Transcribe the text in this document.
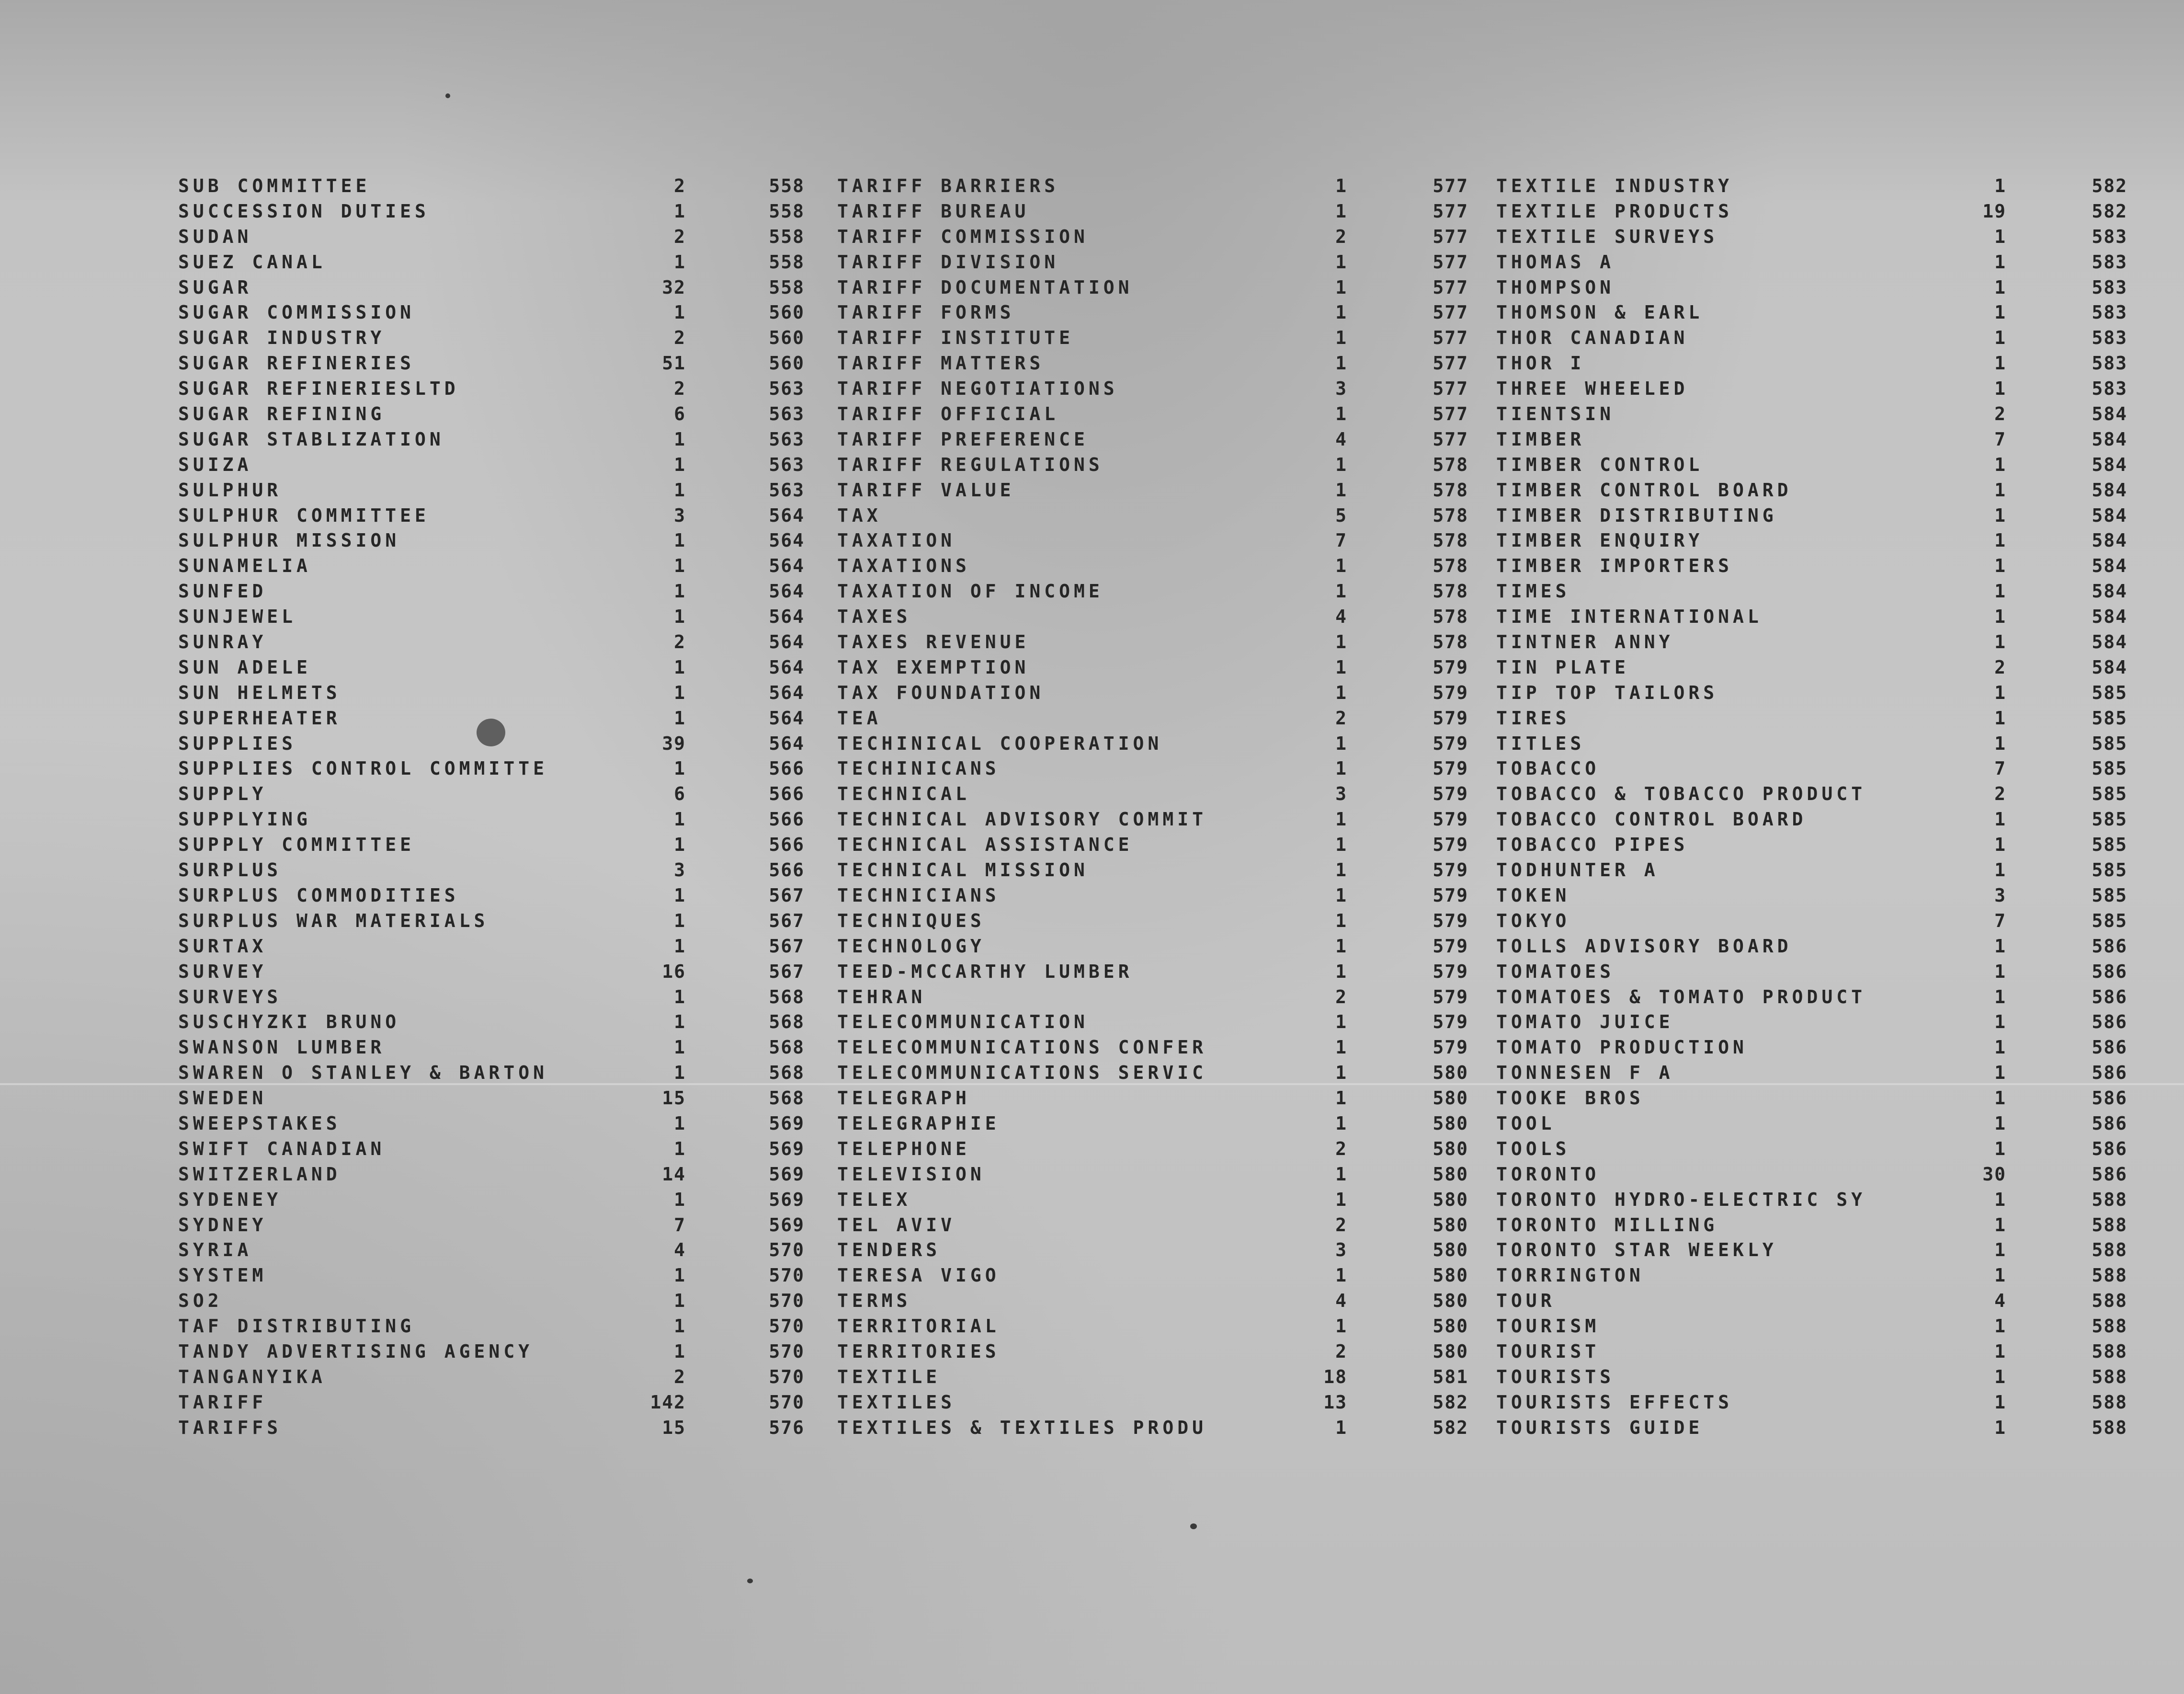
SUB COMMITTEE	2	558
SUCCESSION DUTIES	1	558
SUDAN	2	558
SUEZ CANAL	1	558
SUGAR	32	558
SUGAR COMMISSION	1	560
SUGAR INDUSTRY	2	560
SUGAR REFINERIES	51	560
SUGAR REFINERIESLTD	2	563
SUGAR REFINING	6	563
SUGAR STABLIZATION	1	563
SUIZA	1	563
SULPHUR	1	563
SULPHUR COMMITTEE	3	564
SULPHUR MISSION	1	564
SUNAMELIA	1	564
SUNFED	1	564
SUNJEWEL	1	564
SUNRAY	2	564
SUN ADELE	1	564
SUN HELMETS	1	564
SUPERHEATER	1	564
SUPPLIES	39	564
SUPPLIES CONTROL COMMITTE	1	566
SUPPLY	6	566
SUPPLYING	1	566
SUPPLY COMMITTEE	1	566
SURPLUS	3	566
SURPLUS COMMODITIES	1	567
SURPLUS WAR MATERIALS	1	567
SURTAX	1	567
SURVEY	16	567
SURVEYS	1	568
SUSCHYZKI BRUNO	1	568
SWANSON LUMBER	1	568
SWAREN O STANLEY & BARTON	1	568
SWEDEN	15	568
SWEEPSTAKES	1	569
SWIFT CANADIAN	1	569
SWITZERLAND	14	569
SYDENEY	1	569
SYDNEY	7	569
SYRIA	4	570
SYSTEM	1	570
SO2	1	570
TAF DISTRIBUTING	1	570
TANDY ADVERTISING AGENCY	1	570
TANGANYIKA	2	570
TARIFF	142	570
TARIFFS	15	576
TARIFF BARRIERS	1	577
TARIFF BUREAU	1	577
TARIFF COMMISSION	2	577
TARIFF DIVISION	1	577
TARIFF DOCUMENTATION	1	577
TARIFF FORMS	1	577
TARIFF INSTITUTE	1	577
TARIFF MATTERS	1	577
TARIFF NEGOTIATIONS	3	577
TARIFF OFFICIAL	1	577
TARIFF PREFERENCE	4	577
TARIFF REGULATIONS	1	578
TARIFF VALUE	1	578
TAX	5	578
TAXATION	7	578
TAXATIONS	1	578
TAXATION OF INCOME	1	578
TAXES	4	578
TAXES REVENUE	1	578
TAX EXEMPTION	1	579
TAX FOUNDATION	1	579
TEA	2	579
TECHINICAL COOPERATION	1	579
TECHINICANS	1	579
TECHNICAL	3	579
TECHNICAL ADVISORY COMMIT	1	579
TECHNICAL ASSISTANCE	1	579
TECHNICAL MISSION	1	579
TECHNICIANS	1	579
TECHNIQUES	1	579
TECHNOLOGY	1	579
TEED-MCCARTHY LUMBER	1	579
TEHRAN	2	579
TELECOMMUNICATION	1	579
TELECOMMUNICATIONS CONFER	1	579
TELECOMMUNICATIONS SERVIC	1	580
TELEGRAPH	1	580
TELEGRAPHIE	1	580
TELEPHONE	2	580
TELEVISION	1	580
TELEX	1	580
TEL AVIV	2	580
TENDERS	3	580
TERESA VIGO	1	580
TERMS	4	580
TERRITORIAL	1	580
TERRITORIES	2	580
TEXTILE	18	581
TEXTILES	13	582
TEXTILES & TEXTILES PRODU	1	582
TEXTILE INDUSTRY	1	582
TEXTILE PRODUCTS	19	582
TEXTILE SURVEYS	1	583
THOMAS A	1	583
THOMPSON	1	583
THOMSON & EARL	1	583
THOR CANADIAN	1	583
THOR I	1	583
THREE WHEELED	1	583
TIENTSIN	2	584
TIMBER	7	584
TIMBER CONTROL	1	584
TIMBER CONTROL BOARD	1	584
TIMBER DISTRIBUTING	1	584
TIMBER ENQUIRY	1	584
TIMBER IMPORTERS	1	584
TIMES	1	584
TIME INTERNATIONAL	1	584
TINTNER ANNY	1	584
TIN PLATE	2	584
TIP TOP TAILORS	1	585
TIRES	1	585
TITLES	1	585
TOBACCO	7	585
TOBACCO & TOBACCO PRODUCT	2	585
TOBACCO CONTROL BOARD	1	585
TOBACCO PIPES	1	585
TODHUNTER A	1	585
TOKEN	3	585
TOKYO	7	585
TOLLS ADVISORY BOARD	1	586
TOMATOES	1	586
TOMATOES & TOMATO PRODUCT	1	586
TOMATO JUICE	1	586
TOMATO PRODUCTION	1	586
TONNESEN F A	1	586
TOOKE BROS	1	586
TOOL	1	586
TOOLS	1	586
TORONTO	30	586
TORONTO HYDRO-ELECTRIC SY	1	588
TORONTO MILLING	1	588
TORONTO STAR WEEKLY	1	588
TORRINGTON	1	588
TOUR	4	588
TOURISM	1	588
TOURIST	1	588
TOURISTS	1	588
TOURISTS EFFECTS	1	588
TOURISTS GUIDE	1	588
